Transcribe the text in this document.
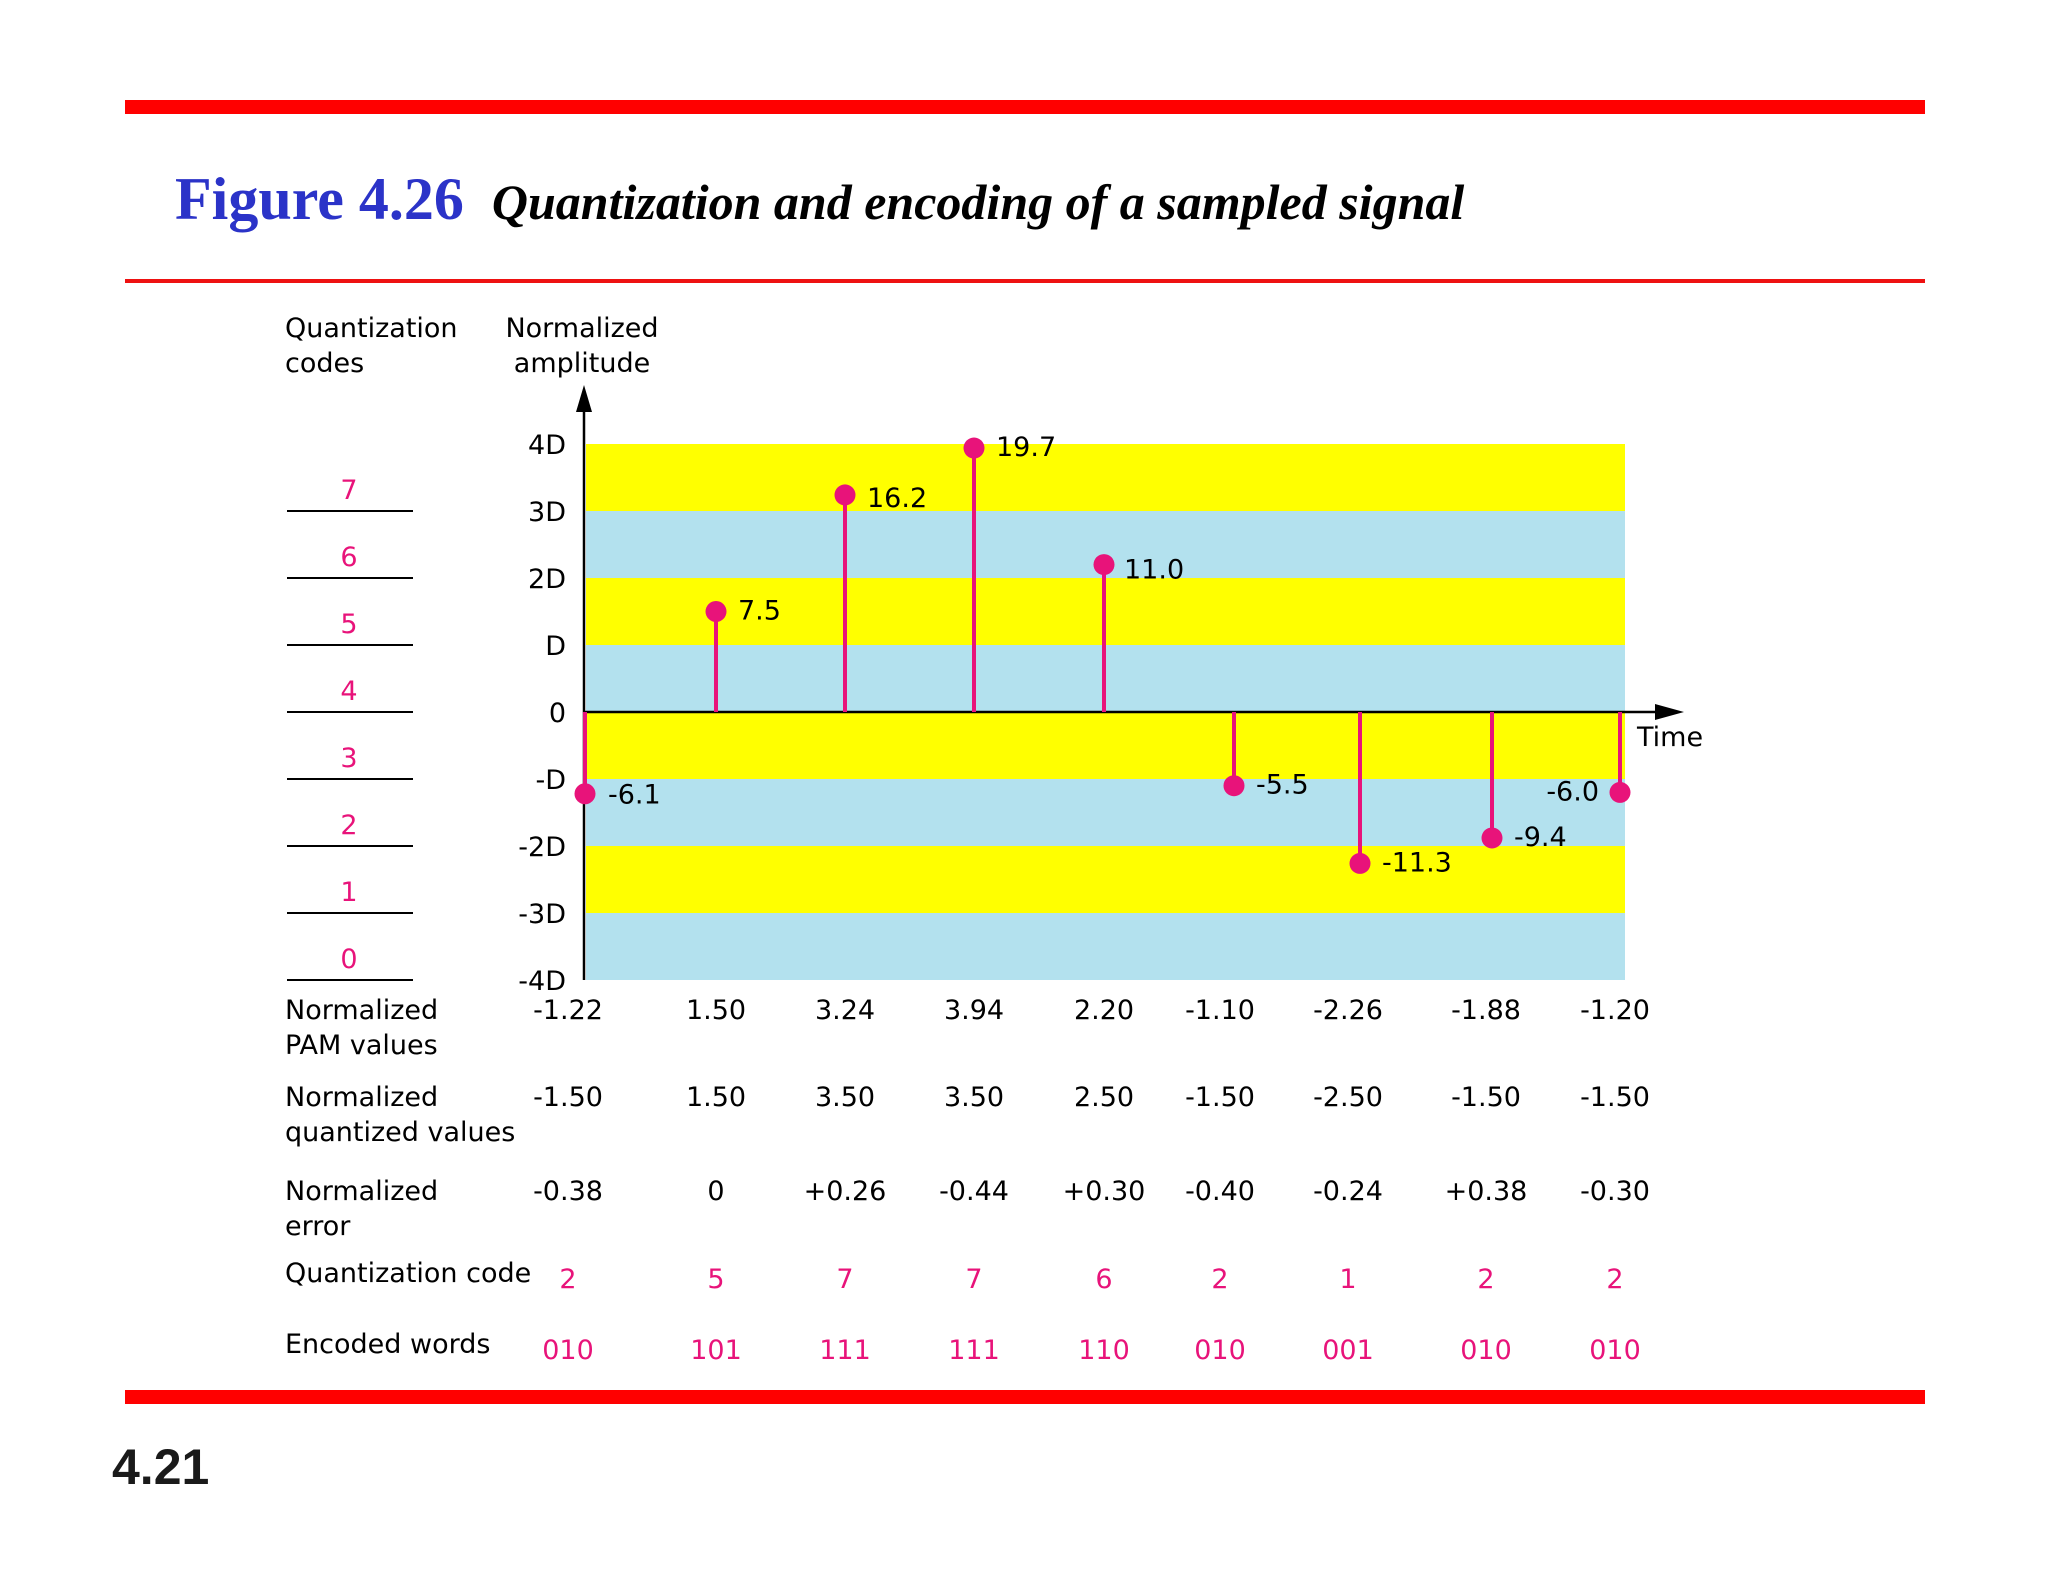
Figure 4.26 Quantization and encoding of a sampled signal
Time
Quantization
codes
Normalized
amplitude
4D
3D
2D
D
0
-D
-2D
-3D
-4D
7
6
5
4
3
2
1
0
-6.1
7.5
16.2
19.7
11.0
-5.5
-11.3
-9.4
-6.0
Normalized
PAM values
-1.22	1.50	3.24	3.94	2.20 -1.10 -2.26	-1.88 -1.20
Normalized
quantized values
-1.50	1.50	3.50	3.50	2.50 -1.50 -2.50	-1.50 -1.50
Normalized
error
-0.38	0	+0.26 -0.44 +0.30 -0.40 -0.24 +0.38 -0.30
Quantization code 2	5	7	7	6	2	1	2	2
Encoded words 010	101	111	111	110 010	001	010	010
4.21
